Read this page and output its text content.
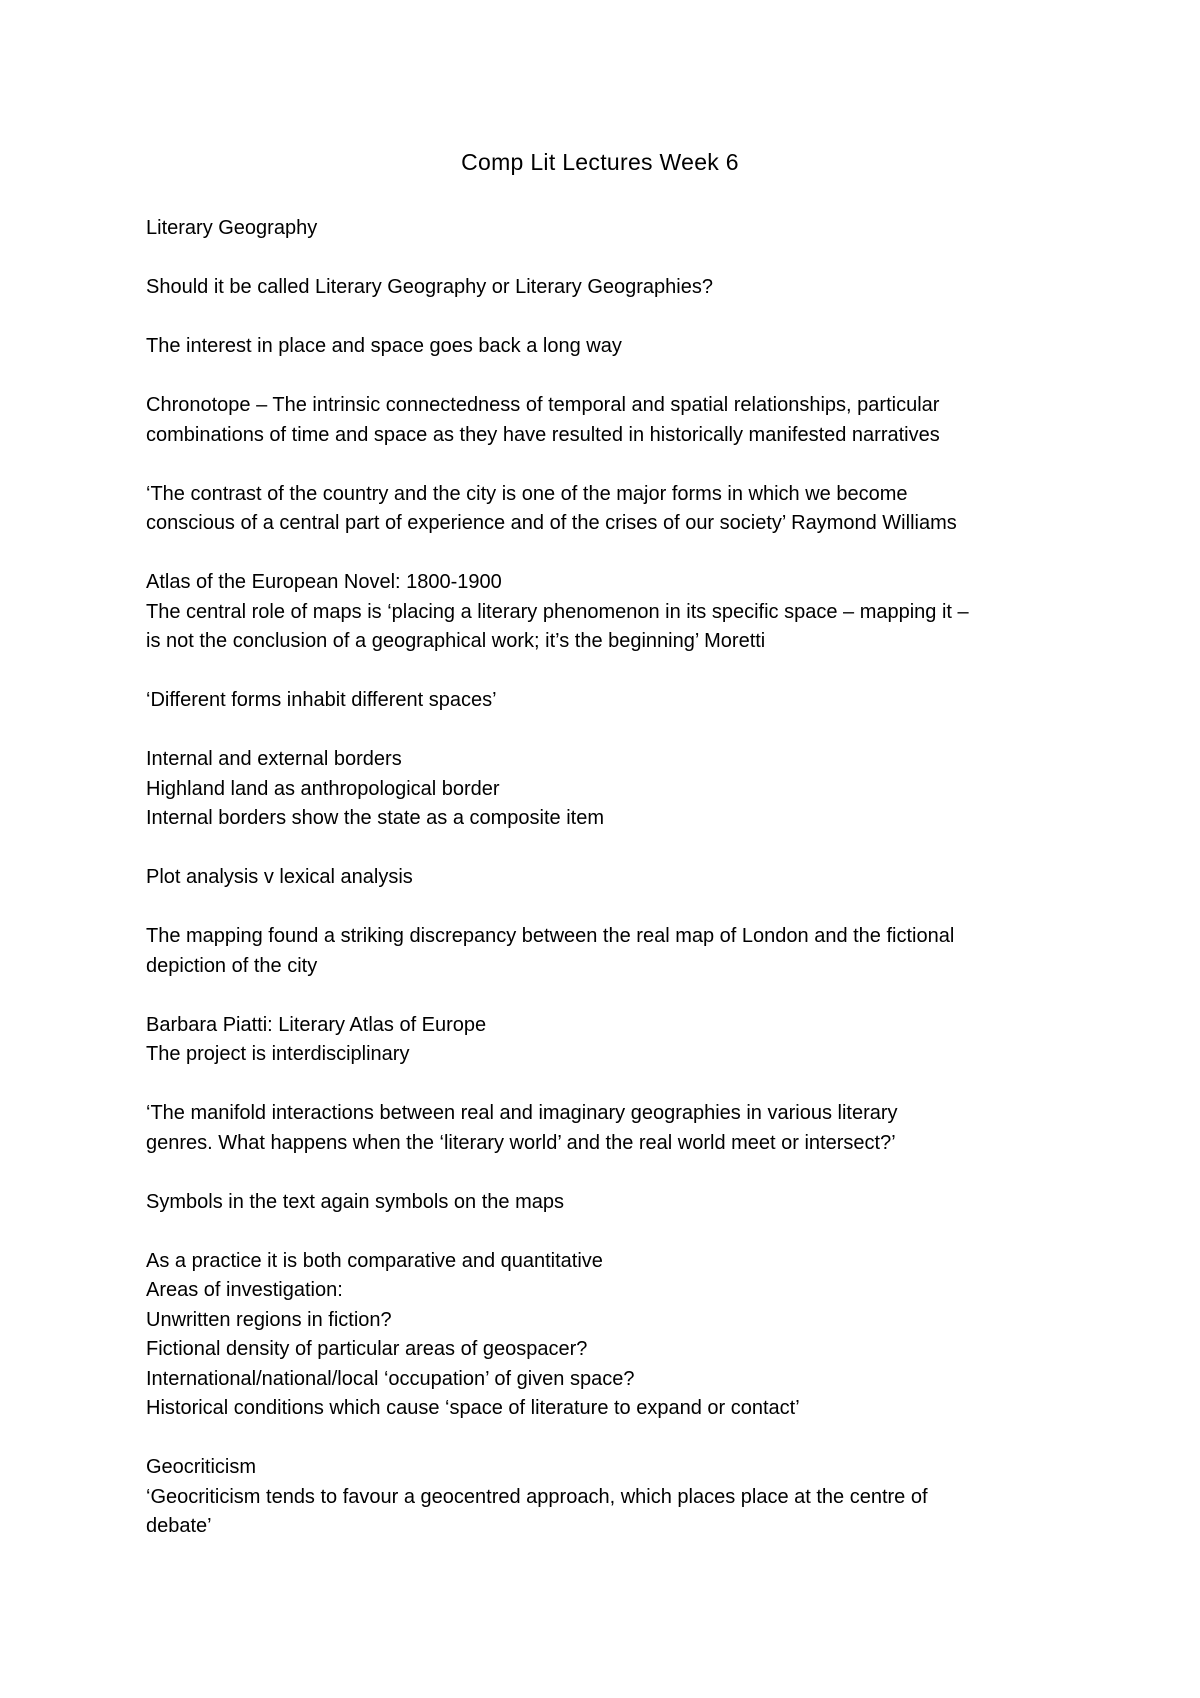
Comp Lit Lectures Week 6
Literary Geography
Should it be called Literary Geography or Literary Geographies?
The interest in place and space goes back a long way
Chronotope – The intrinsic connectedness of temporal and spatial relationships, particular
combinations of time and space as they have resulted in historically manifested narratives
‘The contrast of the country and the city is one of the major forms in which we become
conscious of a central part of experience and of the crises of our society’ Raymond Williams
Atlas of the European Novel: 1800-1900
The central role of maps is ‘placing a literary phenomenon in its specific space – mapping it –
is not the conclusion of a geographical work; it’s the beginning’ Moretti
‘Different forms inhabit different spaces’
Internal and external borders
Highland land as anthropological border
Internal borders show the state as a composite item
Plot analysis v lexical analysis
The mapping found a striking discrepancy between the real map of London and the fictional
depiction of the city
Barbara Piatti: Literary Atlas of Europe
The project is interdisciplinary
‘The manifold interactions between real and imaginary geographies in various literary
genres. What happens when the ‘literary world’ and the real world meet or intersect?’
Symbols in the text again symbols on the maps
As a practice it is both comparative and quantitative
Areas of investigation:
Unwritten regions in fiction?
Fictional density of particular areas of geospacer?
International/national/local ‘occupation’ of given space?
Historical conditions which cause ‘space of literature to expand or contact’
Geocriticism
‘Geocriticism tends to favour a geocentred approach, which places place at the centre of
debate’
